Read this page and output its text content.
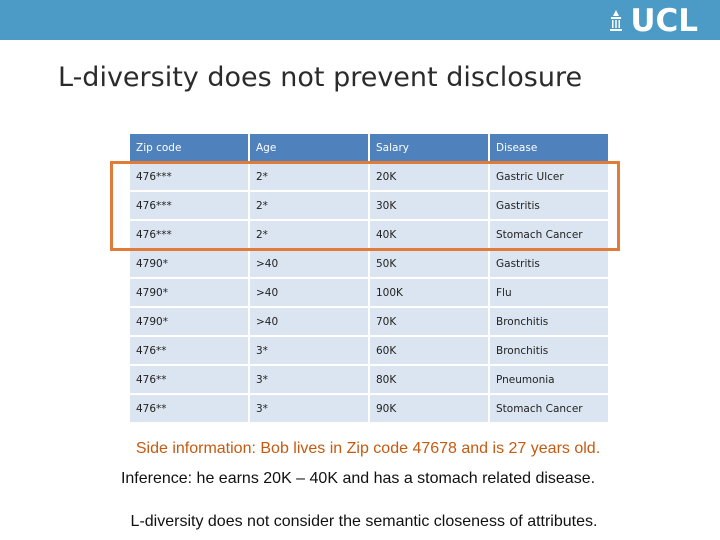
UCL
L-diversity does not prevent disclosure
Zip code	Age	Salary	Disease
476***	2*	20K	Gastric Ulcer
476***	2*	30K	Gastritis
476***	2*	40K	Stomach Cancer
4790*	>40	50K	Gastritis
4790*	>40	100K	Flu
4790*	>40	70K	Bronchitis
476**	3*	60K	Bronchitis
476**	3*	80K	Pneumonia
476**	3*	90K	Stomach Cancer
Side information: Bob lives in Zip code 47678 and is 27 years old.
Inference: he earns 20K – 40K and has a stomach related disease.
L-diversity does not consider the semantic closeness of attributes.
